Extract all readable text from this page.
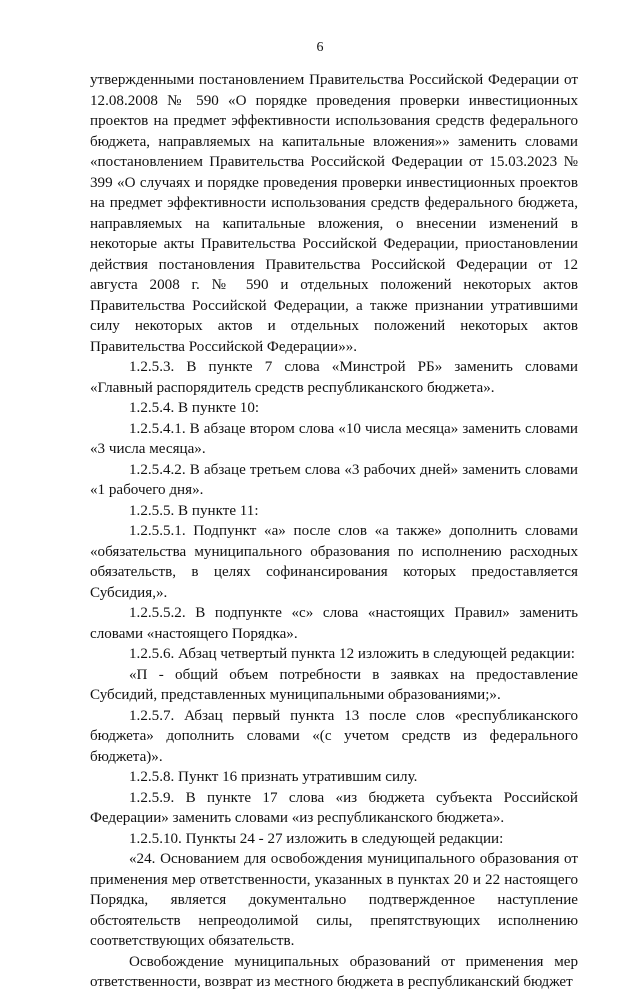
6

утвержденными постановлением Правительства Российской Федерации от 12.08.2008 № 590 «О порядке проведения проверки инвестиционных проектов на предмет эффективности использования средств федерального бюджета, направляемых на капитальные вложения»» заменить словами «постановлением Правительства Российской Федерации от 15.03.2023 № 399 «О случаях и порядке проведения проверки инвестиционных проектов на предмет эффективности использования средств федерального бюджета, направляемых на капитальные вложения, о внесении изменений в некоторые акты Правительства Российской Федерации, приостановлении действия постановления Правительства Российской Федерации от 12 августа 2008 г. № 590 и отдельных положений некоторых актов Правительства Российской Федерации, а также признании утратившими силу некоторых актов и отдельных положений некоторых актов Правительства Российской Федерации»».

1.2.5.3. В пункте 7 слова «Минстрой РБ» заменить словами «Главный распорядитель средств республиканского бюджета».

1.2.5.4. В пункте 10:

1.2.5.4.1. В абзаце втором слова «10 числа месяца» заменить словами «3 числа месяца».

1.2.5.4.2. В абзаце третьем слова «3 рабочих дней» заменить словами «1 рабочего дня».

1.2.5.5. В пункте 11:

1.2.5.5.1. Подпункт «а» после слов «а также» дополнить словами «обязательства муниципального образования по исполнению расходных обязательств, в целях софинансирования которых предоставляется Субсидия,».

1.2.5.5.2. В подпункте «с» слова «настоящих Правил» заменить словами «настоящего Порядка».

1.2.5.6. Абзац четвертый пункта 12 изложить в следующей редакции:

«П - общий объем потребности в заявках на предоставление Субсидий, представленных муниципальными образованиями;».

1.2.5.7. Абзац первый пункта 13 после слов «республиканского бюджета» дополнить словами «(с учетом средств из федерального бюджета)».

1.2.5.8. Пункт 16 признать утратившим силу.

1.2.5.9. В пункте 17 слова «из бюджета субъекта Российской Федерации» заменить словами «из республиканского бюджета».

1.2.5.10. Пункты 24 - 27 изложить в следующей редакции:

«24. Основанием для освобождения муниципального образования от применения мер ответственности, указанных в пунктах 20 и 22 настоящего Порядка, является документально подтвержденное наступление обстоятельств непреодолимой силы, препятствующих исполнению соответствующих обязательств.

Освобождение муниципальных образований от применения мер ответственности, возврат из местного бюджета в республиканский бюджет
